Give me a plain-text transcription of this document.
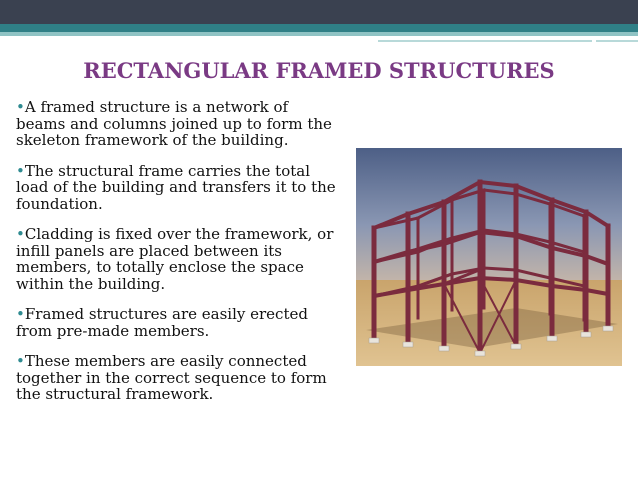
RECTANGULAR FRAMED STRUCTURES
•A framed structure is a network of
beams and columns joined up to form the
skeleton framework of the building.
•The structural frame carries the total
load of the building and transfers it to the
foundation.
•Cladding is fixed over the framework, or
infill panels are placed between its
members, to totally enclose the space
within the building.
•Framed structures are easily erected
from pre-made members.
•These members are easily connected
together in the correct sequence to form
the structural framework.
